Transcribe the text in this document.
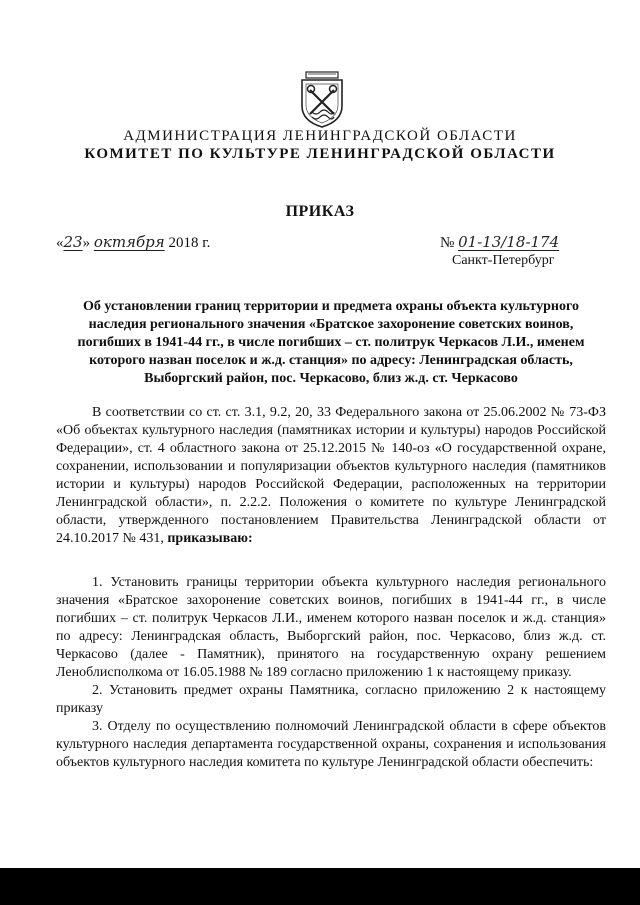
АДМИНИСТРАЦИЯ ЛЕНИНГРАДСКОЙ ОБЛАСТИ
КОМИТЕТ ПО КУЛЬТУРЕ ЛЕНИНГРАДСКОЙ ОБЛАСТИ
ПРИКАЗ
«23» октября 2018 г.	№ 01-13/18-174
Санкт-Петербург
Об установлении границ территории и предмета охраны объекта культурного наследия регионального значения «Братское захоронение советских воинов, погибших в 1941-44 гг., в числе погибших – ст. политрук Черкасов Л.И., именем которого назван поселок и ж.д. станция» по адресу: Ленинградская область, Выборгский район, пос. Черкасово, близ ж.д. ст. Черкасово

В соответствии со ст. ст. 3.1, 9.2, 20, 33 Федерального закона от 25.06.2002 № 73-ФЗ «Об объектах культурного наследия (памятниках истории и культуры) народов Российской Федерации», ст. 4 областного закона от 25.12.2015 № 140-оз «О государственной охране, сохранении, использовании и популяризации объектов культурного наследия (памятников истории и культуры) народов Российской Федерации, расположенных на территории Ленинградской области», п. 2.2.2. Положения о комитете по культуре Ленинградской области, утвержденного постановлением Правительства Ленинградской области от 24.10.2017 № 431, приказываю:

1. Установить границы территории объекта культурного наследия регионального значения «Братское захоронение советских воинов, погибших в 1941-44 гг., в числе погибших – ст. политрук Черкасов Л.И., именем которого назван поселок и ж.д. станция» по адресу: Ленинградская область, Выборгский район, пос. Черкасово, близ ж.д. ст. Черкасово (далее - Памятник), принятого на государственную охрану решением Леноблисполкома от 16.05.1988 № 189 согласно приложению 1 к настоящему приказу.

2. Установить предмет охраны Памятника, согласно приложению 2 к настоящему приказу

3. Отделу по осуществлению полномочий Ленинградской области в сфере объектов культурного наследия департамента государственной охраны, сохранения и использования объектов культурного наследия комитета по культуре Ленинградской области обеспечить:
